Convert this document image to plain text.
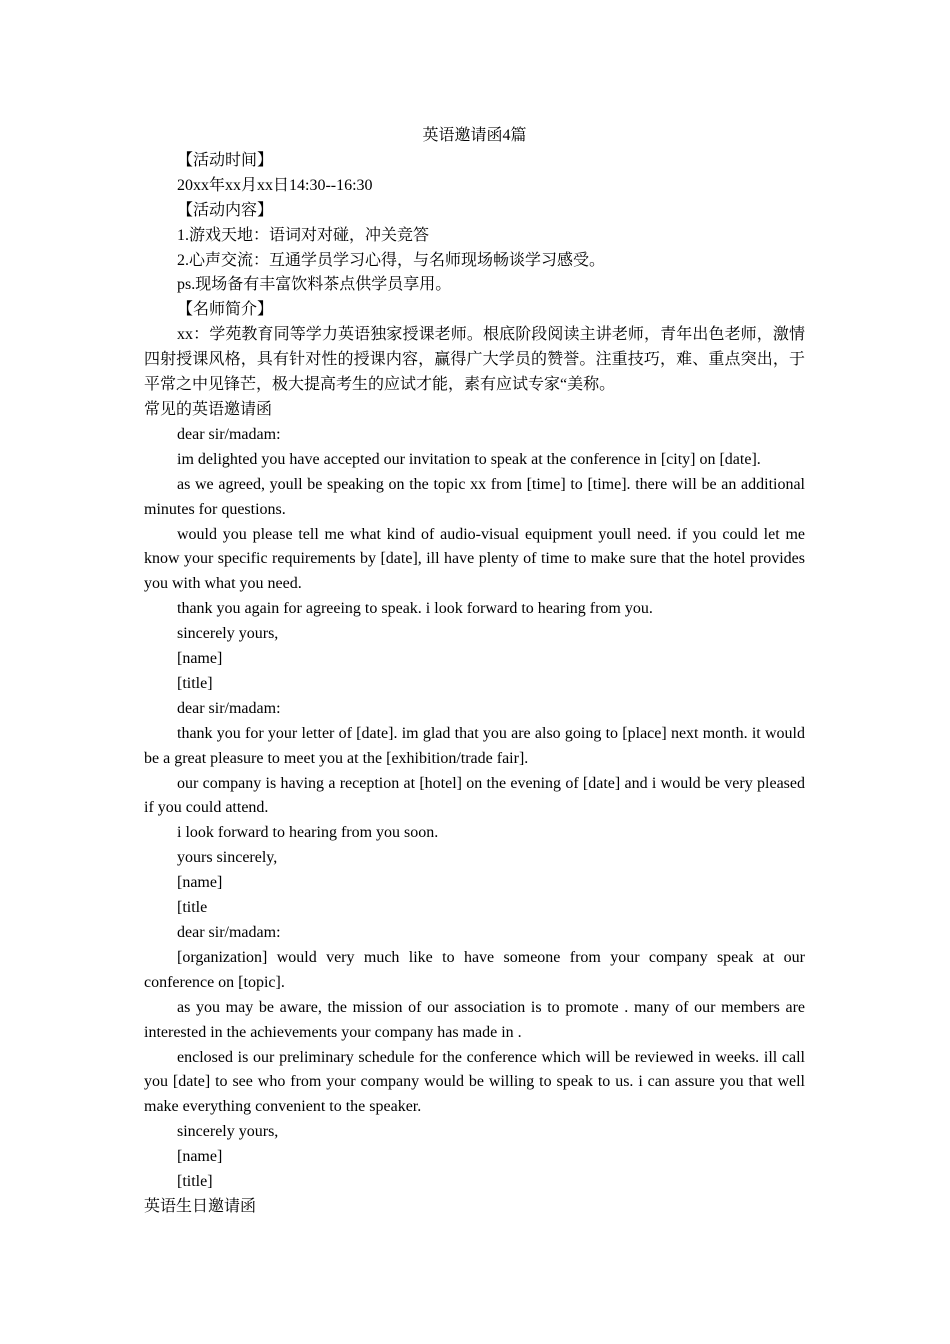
英语邀请函4篇

【活动时间】

20xx年xx月xx日14:30--16:30

【活动内容】

1.游戏天地：语词对对碰，冲关竞答

2.心声交流：互通学员学习心得，与名师现场畅谈学习感受。

ps.现场备有丰富饮料茶点供学员享用。

【名师简介】

xx：学苑教育同等学力英语独家授课老师。根底阶段阅读主讲老师，青年出色老师，激情四射授课风格，具有针对性的授课内容，赢得广大学员的赞誉。注重技巧，难、重点突出，于平常之中见锋芒，极大提高考生的应试才能，素有应试专家“美称。

常见的英语邀请函

dear sir/madam:

im delighted you have accepted our invitation to speak at the conference in [city] on [date].

as we agreed, youll be speaking on the topic xx from [time] to [time]. there will be an additional minutes for questions.

would you please tell me what kind of audio-visual equipment youll need. if you could let me know your specific requirements by [date], ill have plenty of time to make sure that the hotel provides you with what you need.

thank you again for agreeing to speak. i look forward to hearing from you.

sincerely yours,

[name]

[title]

dear sir/madam:

thank you for your letter of [date]. im glad that you are also going to [place] next month. it would be a great pleasure to meet you at the [exhibition/trade fair].

our company is having a reception at [hotel] on the evening of [date] and i would be very pleased if you could attend.

i look forward to hearing from you soon.

yours sincerely,

[name]

[title

dear sir/madam:

[organization] would very much like to have someone from your company speak at our conference on [topic].

as you may be aware, the mission of our association is to promote . many of our members are interested in the achievements your company has made in .

enclosed is our preliminary schedule for the conference which will be reviewed in weeks. ill call you [date] to see who from your company would be willing to speak to us. i can assure you that well make everything convenient to the speaker.

sincerely yours,

[name]

[title]

英语生日邀请函
